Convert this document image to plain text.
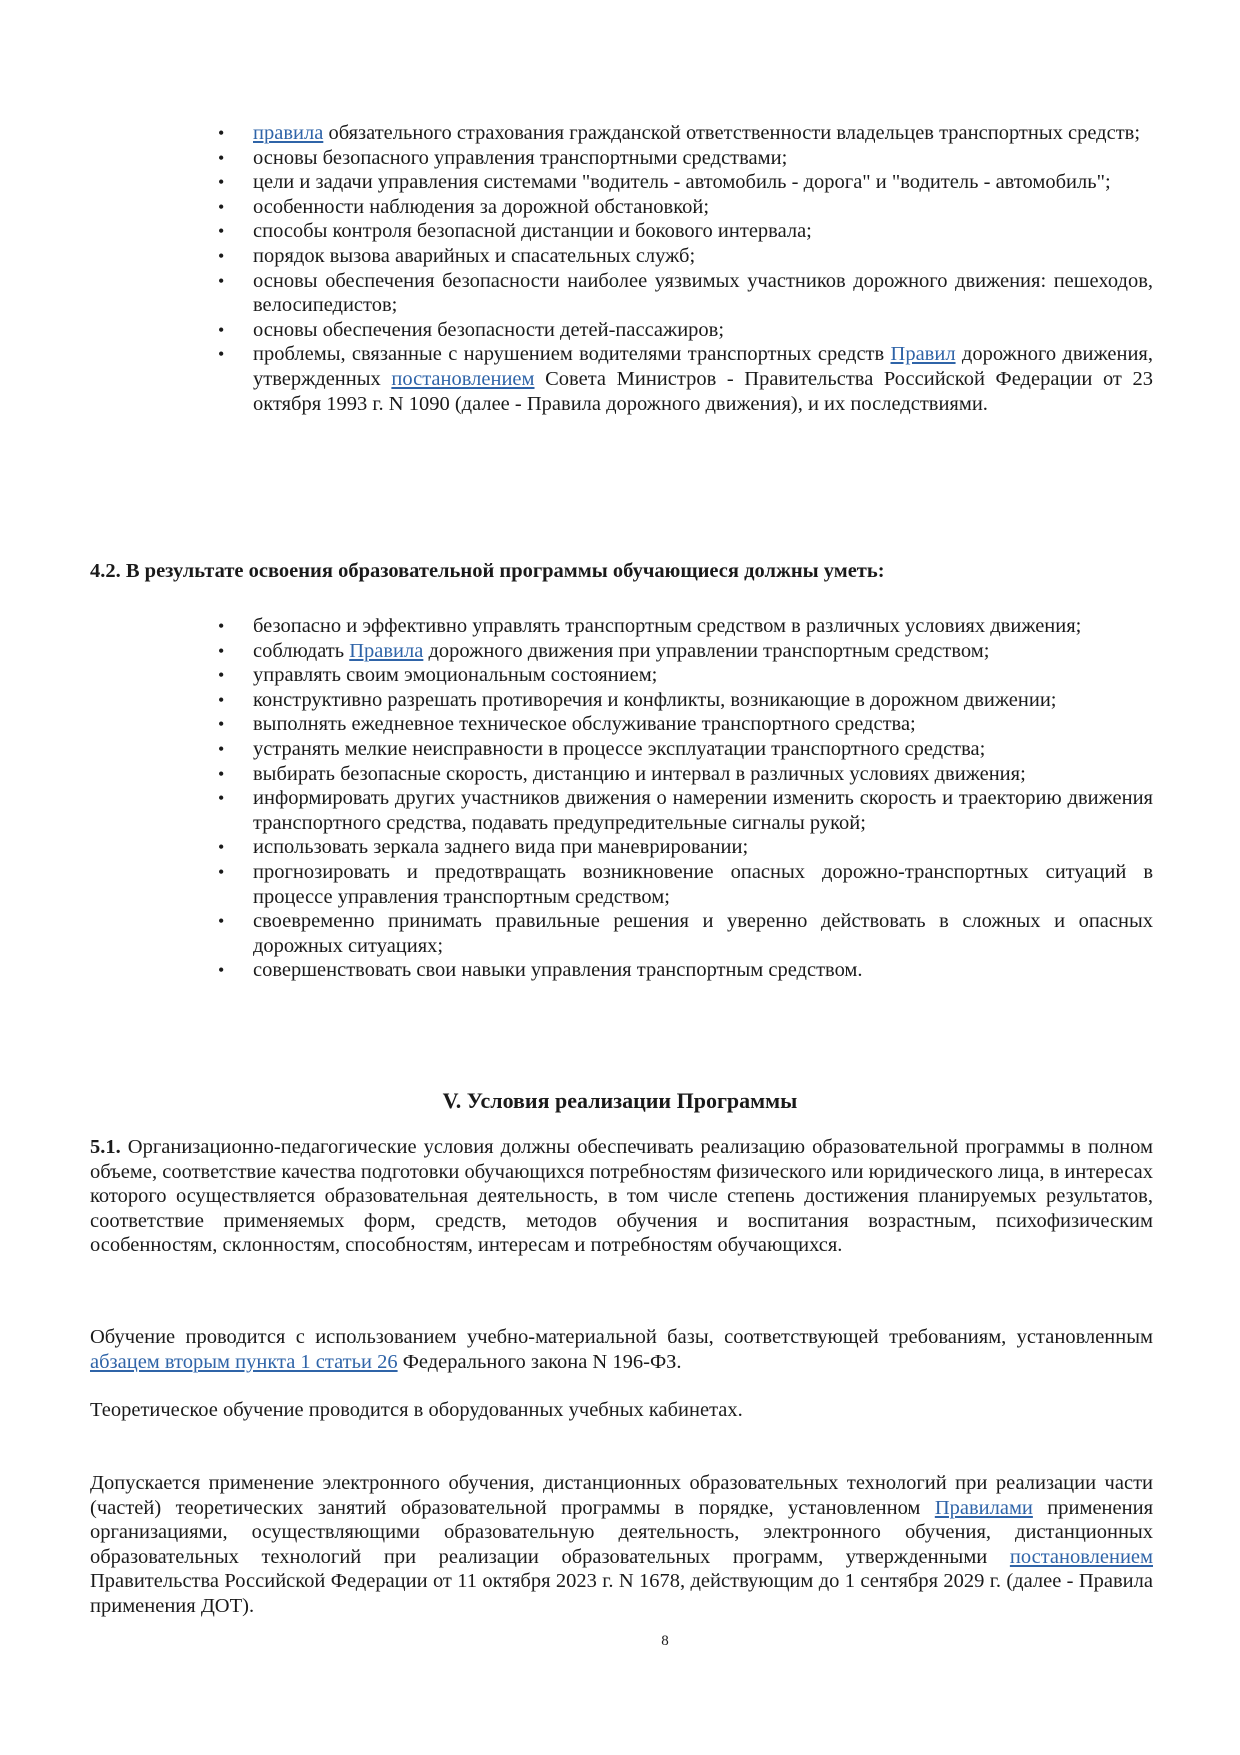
•	правила обязательного страхования гражданской ответственности владельцев транспортных средств;
•	основы безопасного управления транспортными средствами;
•	цели и задачи управления системами "водитель - автомобиль - дорога" и "водитель - автомобиль";
•	особенности наблюдения за дорожной обстановкой;
•	способы контроля безопасной дистанции и бокового интервала;
•	порядок вызова аварийных и спасательных служб;
•	основы обеспечения безопасности наиболее уязвимых участников дорожного движения: пешеходов, велосипедистов;
•	основы обеспечения безопасности детей-пассажиров;
•	проблемы, связанные с нарушением водителями транспортных средств Правил дорожного движения, утвержденных постановлением Совета Министров - Правительства Российской Федерации от 23 октября 1993 г. N 1090 (далее - Правила дорожного движения), и их последствиями.
4.2. В результате освоения образовательной программы обучающиеся должны уметь:
•	безопасно и эффективно управлять транспортным средством в различных условиях движения;
•	соблюдать Правила дорожного движения при управлении транспортным средством;
•	управлять своим эмоциональным состоянием;
•	конструктивно разрешать противоречия и конфликты, возникающие в дорожном движении;
•	выполнять ежедневное техническое обслуживание транспортного средства;
•	устранять мелкие неисправности в процессе эксплуатации транспортного средства;
•	выбирать безопасные скорость, дистанцию и интервал в различных условиях движения;
•	информировать других участников движения о намерении изменить скорость и траекторию движения транспортного средства, подавать предупредительные сигналы рукой;
•	использовать зеркала заднего вида при маневрировании;
•	прогнозировать и предотвращать возникновение опасных дорожно-транспортных ситуаций в процессе управления транспортным средством;
•	своевременно принимать правильные решения и уверенно действовать в сложных и опасных дорожных ситуациях;
•	совершенствовать свои навыки управления транспортным средством.
V. Условия реализации Программы

5.1. Организационно-педагогические условия должны обеспечивать реализацию образовательной программы в полном объеме, соответствие качества подготовки обучающихся потребностям физического или юридического лица, в интересах которого осуществляется образовательная деятельность, в том числе степень достижения планируемых результатов, соответствие применяемых форм, средств, методов обучения и воспитания возрастным, психофизическим особенностям, склонностям, способностям, интересам и потребностям обучающихся.

Обучение проводится с использованием учебно-материальной базы, соответствующей требованиям, установленным абзацем вторым пункта 1 статьи 26 Федерального закона N 196-ФЗ.

Теоретическое обучение проводится в оборудованных учебных кабинетах.

Допускается применение электронного обучения, дистанционных образовательных технологий при реализации части (частей) теоретических занятий образовательной программы в порядке, установленном Правилами применения организациями, осуществляющими образовательную деятельность, электронного обучения, дистанционных образовательных технологий при реализации образовательных программ, утвержденными постановлением Правительства Российской Федерации от 11 октября 2023 г. N 1678, действующим до 1 сентября 2029 г. (далее - Правила применения ДОТ).

8
